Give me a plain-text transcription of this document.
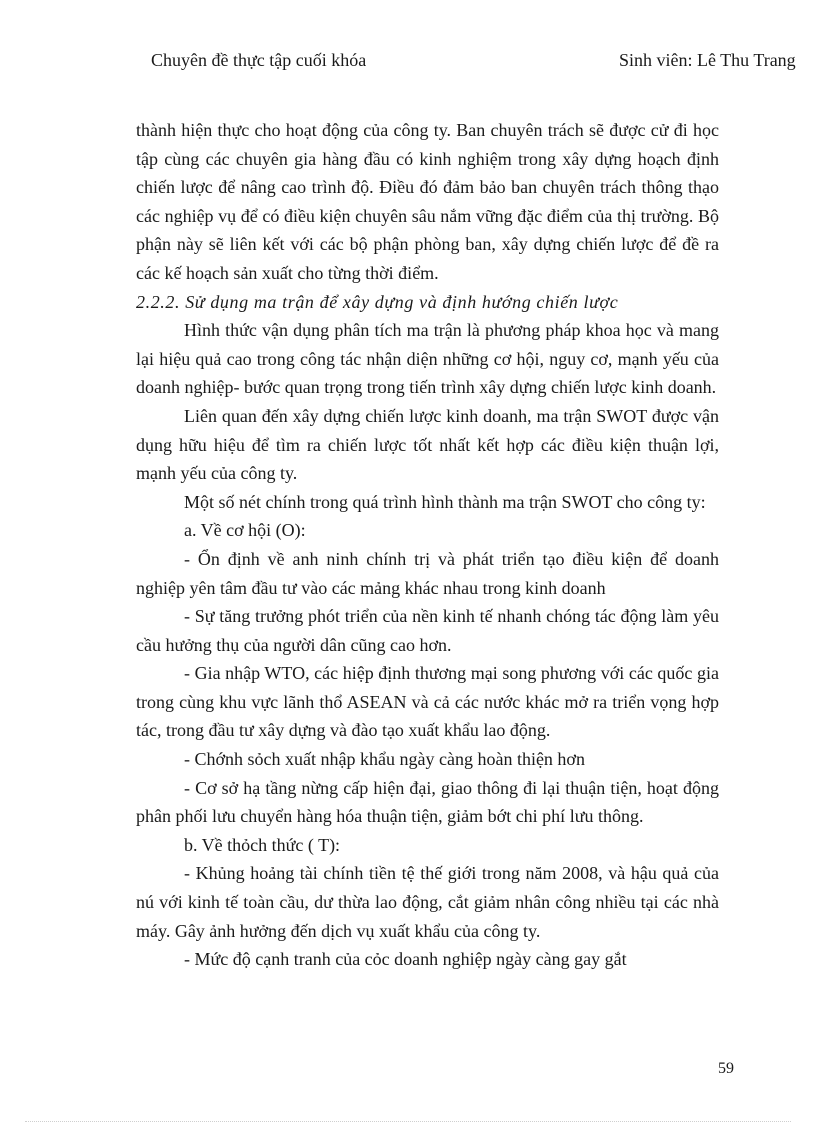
Chuyên đề thực tập cuối khóa	Sinh viên: Lê Thu Trang

thành hiện thực cho hoạt động của công ty. Ban chuyên trách sẽ được cử đi học tập cùng các chuyên gia hàng đầu có kinh nghiệm trong xây dựng hoạch định chiến lược để nâng cao trình độ. Điều đó đảm bảo ban chuyên trách thông thạo các nghiệp vụ để có điều kiện chuyên sâu nắm vững đặc điểm của thị trường. Bộ phận này sẽ liên kết với các bộ phận phòng ban, xây dựng chiến lược để đề ra các kế hoạch sản xuất cho từng thời điểm.

2.2.2. Sử dụng ma trận để xây dựng và định hướng chiến lược

Hình thức vận dụng phân tích ma trận là phương pháp khoa học và mang lại hiệu quả cao trong công tác nhận diện những cơ hội, nguy cơ, mạnh yếu của doanh nghiệp- bước quan trọng trong tiến trình xây dựng chiến lược kinh doanh.

Liên quan đến xây dựng chiến lược kinh doanh, ma trận SWOT được vận dụng hữu hiệu để tìm ra chiến lược tốt nhất kết hợp các điều kiện thuận lợi, mạnh yếu của công ty.

Một số nét chính trong quá trình hình thành ma trận SWOT cho công ty:

a. Về cơ hội (O):

- Ổn định về anh ninh chính trị và phát triển tạo điều kiện để doanh nghiệp yên tâm đầu tư vào các mảng khác nhau trong kinh doanh

- Sự tăng trưởng phót triển của nền kinh tế nhanh chóng tác động làm yêu cầu hưởng thụ của người dân cũng cao hơn.

- Gia nhập WTO, các hiệp định thương mại song phương với các quốc gia trong cùng khu vực lãnh thổ ASEAN và cả các nước khác mở ra triển vọng hợp tác, trong đầu tư xây dựng và đào tạo xuất khẩu lao động.

- Chớnh sỏch xuất nhập khẩu ngày càng hoàn thiện hơn

- Cơ sở hạ tầng nừng cấp hiện đại, giao thông đi lại thuận tiện, hoạt động phân phối lưu chuyển hàng hóa thuận tiện, giảm bớt chi phí lưu thông.

b. Về thỏch thức ( T):

- Khủng hoảng tài chính tiền tệ thế giới trong năm 2008, và hậu quả của nú với kinh tế toàn cầu, dư thừa lao động, cắt giảm nhân công nhiều tại các nhà máy. Gây ảnh hưởng đến dịch vụ xuất khẩu của công ty.

- Mức độ cạnh tranh của cỏc doanh nghiệp ngày càng gay gắt

59
